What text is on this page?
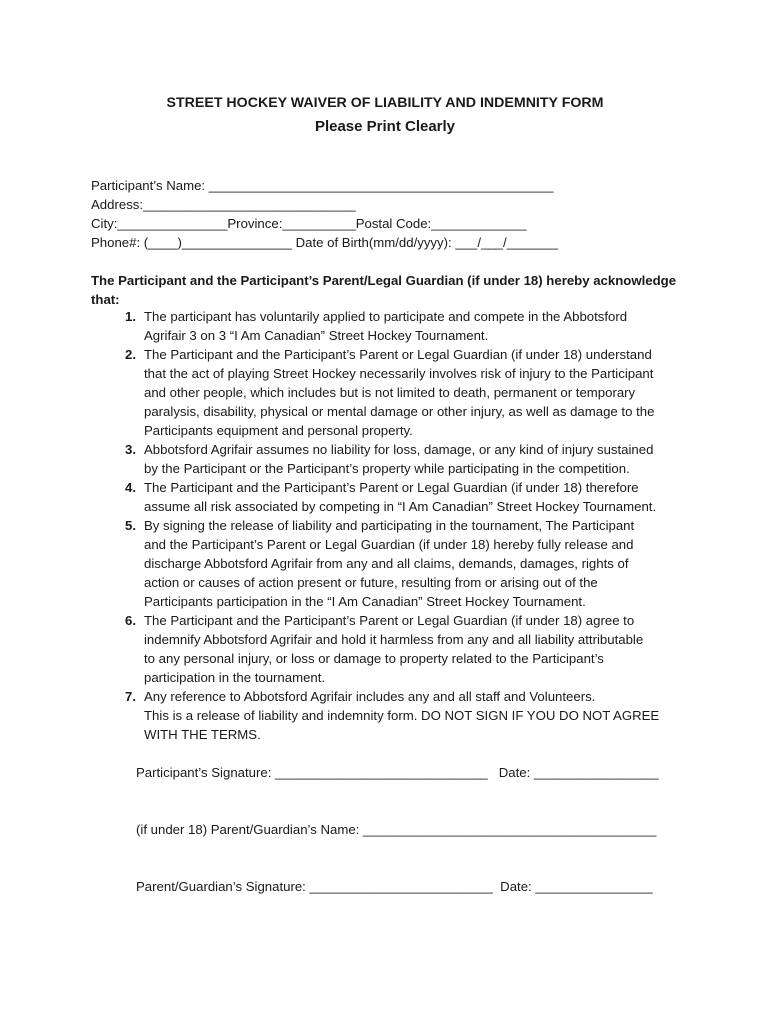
STREET HOCKEY WAIVER OF LIABILITY AND INDEMNITY FORM
Please Print Clearly
Participant’s Name: _______________________________________________
Address:_____________________________
City:_______________Province:__________Postal Code:_____________
Phone#: (____)_______________ Date of Birth(mm/dd/yyyy): ___/___/_______
The Participant and the Participant’s Parent/Legal Guardian (if under 18) hereby acknowledge
that:
1. The participant has voluntarily applied to participate and compete in the Abbotsford
Agrifair 3 on 3 “I Am Canadian” Street Hockey Tournament.
2. The Participant and the Participant’s Parent or Legal Guardian (if under 18) understand
that the act of playing Street Hockey necessarily involves risk of injury to the Participant
and other people, which includes but is not limited to death, permanent or temporary
paralysis, disability, physical or mental damage or other injury, as well as damage to the
Participants equipment and personal property.
3. Abbotsford Agrifair assumes no liability for loss, damage, or any kind of injury sustained
by the Participant or the Participant’s property while participating in the competition.
4. The Participant and the Participant’s Parent or Legal Guardian (if under 18) therefore
assume all risk associated by competing in “I Am Canadian” Street Hockey Tournament.
5. By signing the release of liability and participating in the tournament, The Participant
and the Participant’s Parent or Legal Guardian (if under 18) hereby fully release and
discharge Abbotsford Agrifair from any and all claims, demands, damages, rights of
action or causes of action present or future, resulting from or arising out of the
Participants participation in the “I Am Canadian” Street Hockey Tournament.
6. The Participant and the Participant’s Parent or Legal Guardian (if under 18) agree to
indemnify Abbotsford Agrifair and hold it harmless from any and all liability attributable
to any personal injury, or loss or damage to property related to the Participant’s
participation in the tournament.
7. Any reference to Abbotsford Agrifair includes any and all staff and Volunteers.
This is a release of liability and indemnity form. DO NOT SIGN IF YOU DO NOT AGREE
WITH THE TERMS.
Participant’s Signature: _____________________________   Date: _________________
(if under 18) Parent/Guardian’s Name: ________________________________________
Parent/Guardian’s Signature: _________________________  Date: ________________
